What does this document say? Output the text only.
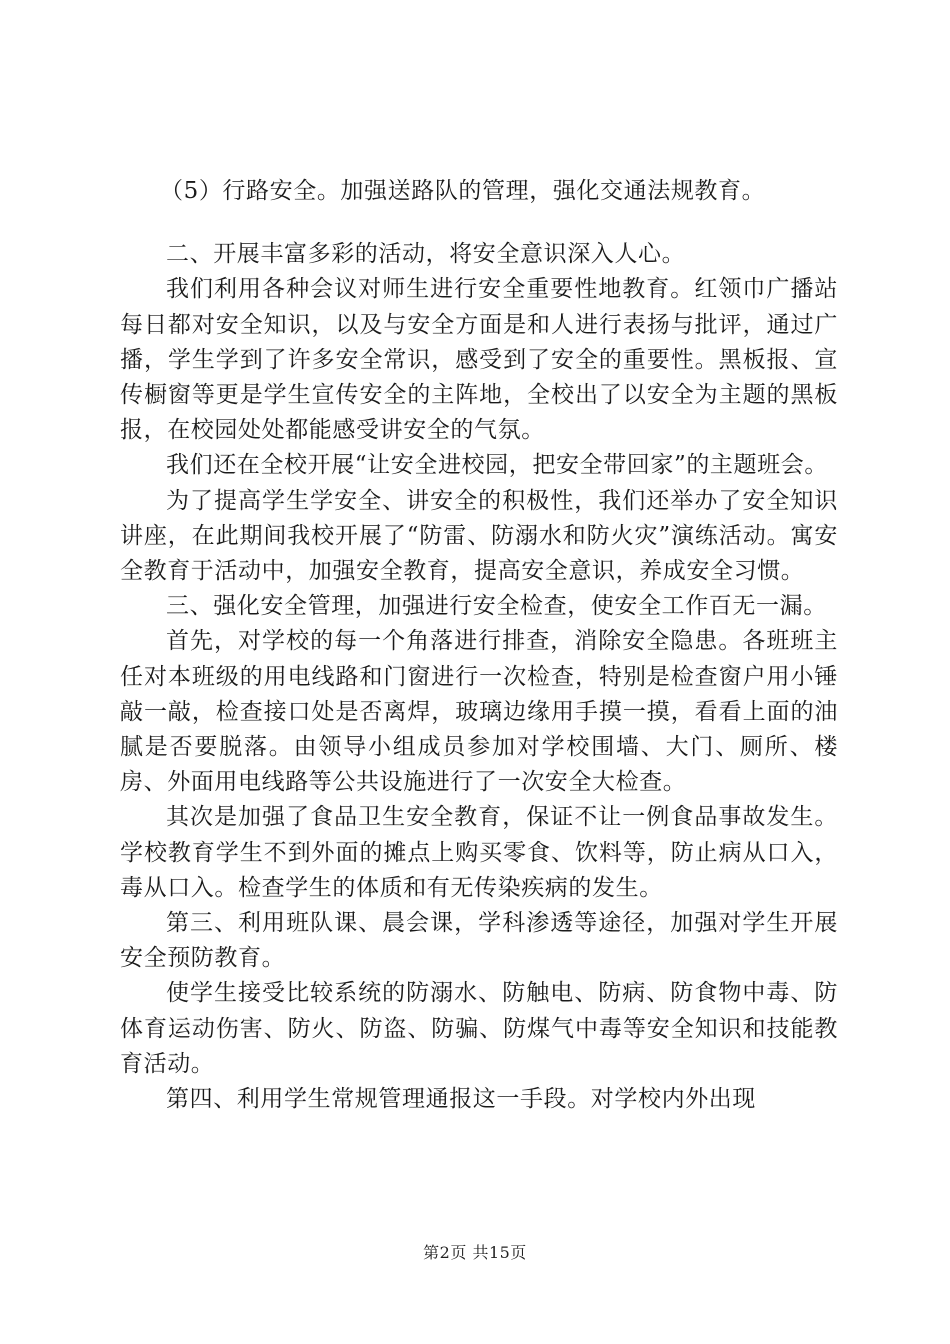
（5）行路安全。加强送路队的管理，强化交通法规教育。

二、开展丰富多彩的活动，将安全意识深入人心。

我们利用各种会议对师生进行安全重要性地教育。红领巾广播站每日都对安全知识，以及与安全方面是和人进行表扬与批评，通过广播，学生学到了许多安全常识，感受到了安全的重要性。黑板报、宣传橱窗等更是学生宣传安全的主阵地，全校出了以安全为主题的黑板报，在校园处处都能感受讲安全的气氛。

我们还在全校开展“让安全进校园，把安全带回家”的主题班会。

为了提高学生学安全、讲安全的积极性，我们还举办了安全知识讲座，在此期间我校开展了“防雷、防溺水和防火灾”演练活动。寓安全教育于活动中，加强安全教育，提高安全意识，养成安全习惯。

三、强化安全管理，加强进行安全检查，使安全工作百无一漏。

首先，对学校的每一个角落进行排查，消除安全隐患。各班班主任对本班级的用电线路和门窗进行一次检查，特别是检查窗户用小锤敲一敲，检查接口处是否离焊，玻璃边缘用手摸一摸，看看上面的油腻是否要脱落。由领导小组成员参加对学校围墙、大门、厕所、楼房、外面用电线路等公共设施进行了一次安全大检查。

其次是加强了食品卫生安全教育，保证不让一例食品事故发生。学校教育学生不到外面的摊点上购买零食、饮料等，防止病从口入，毒从口入。检查学生的体质和有无传染疾病的发生。

第三、利用班队课、晨会课，学科渗透等途径，加强对学生开展安全预防教育。

使学生接受比较系统的防溺水、防触电、防病、防食物中毒、防体育运动伤害、防火、防盗、防骗、防煤气中毒等安全知识和技能教育活动。

第四、利用学生常规管理通报这一手段。对学校内外出现

第2页 共15页
